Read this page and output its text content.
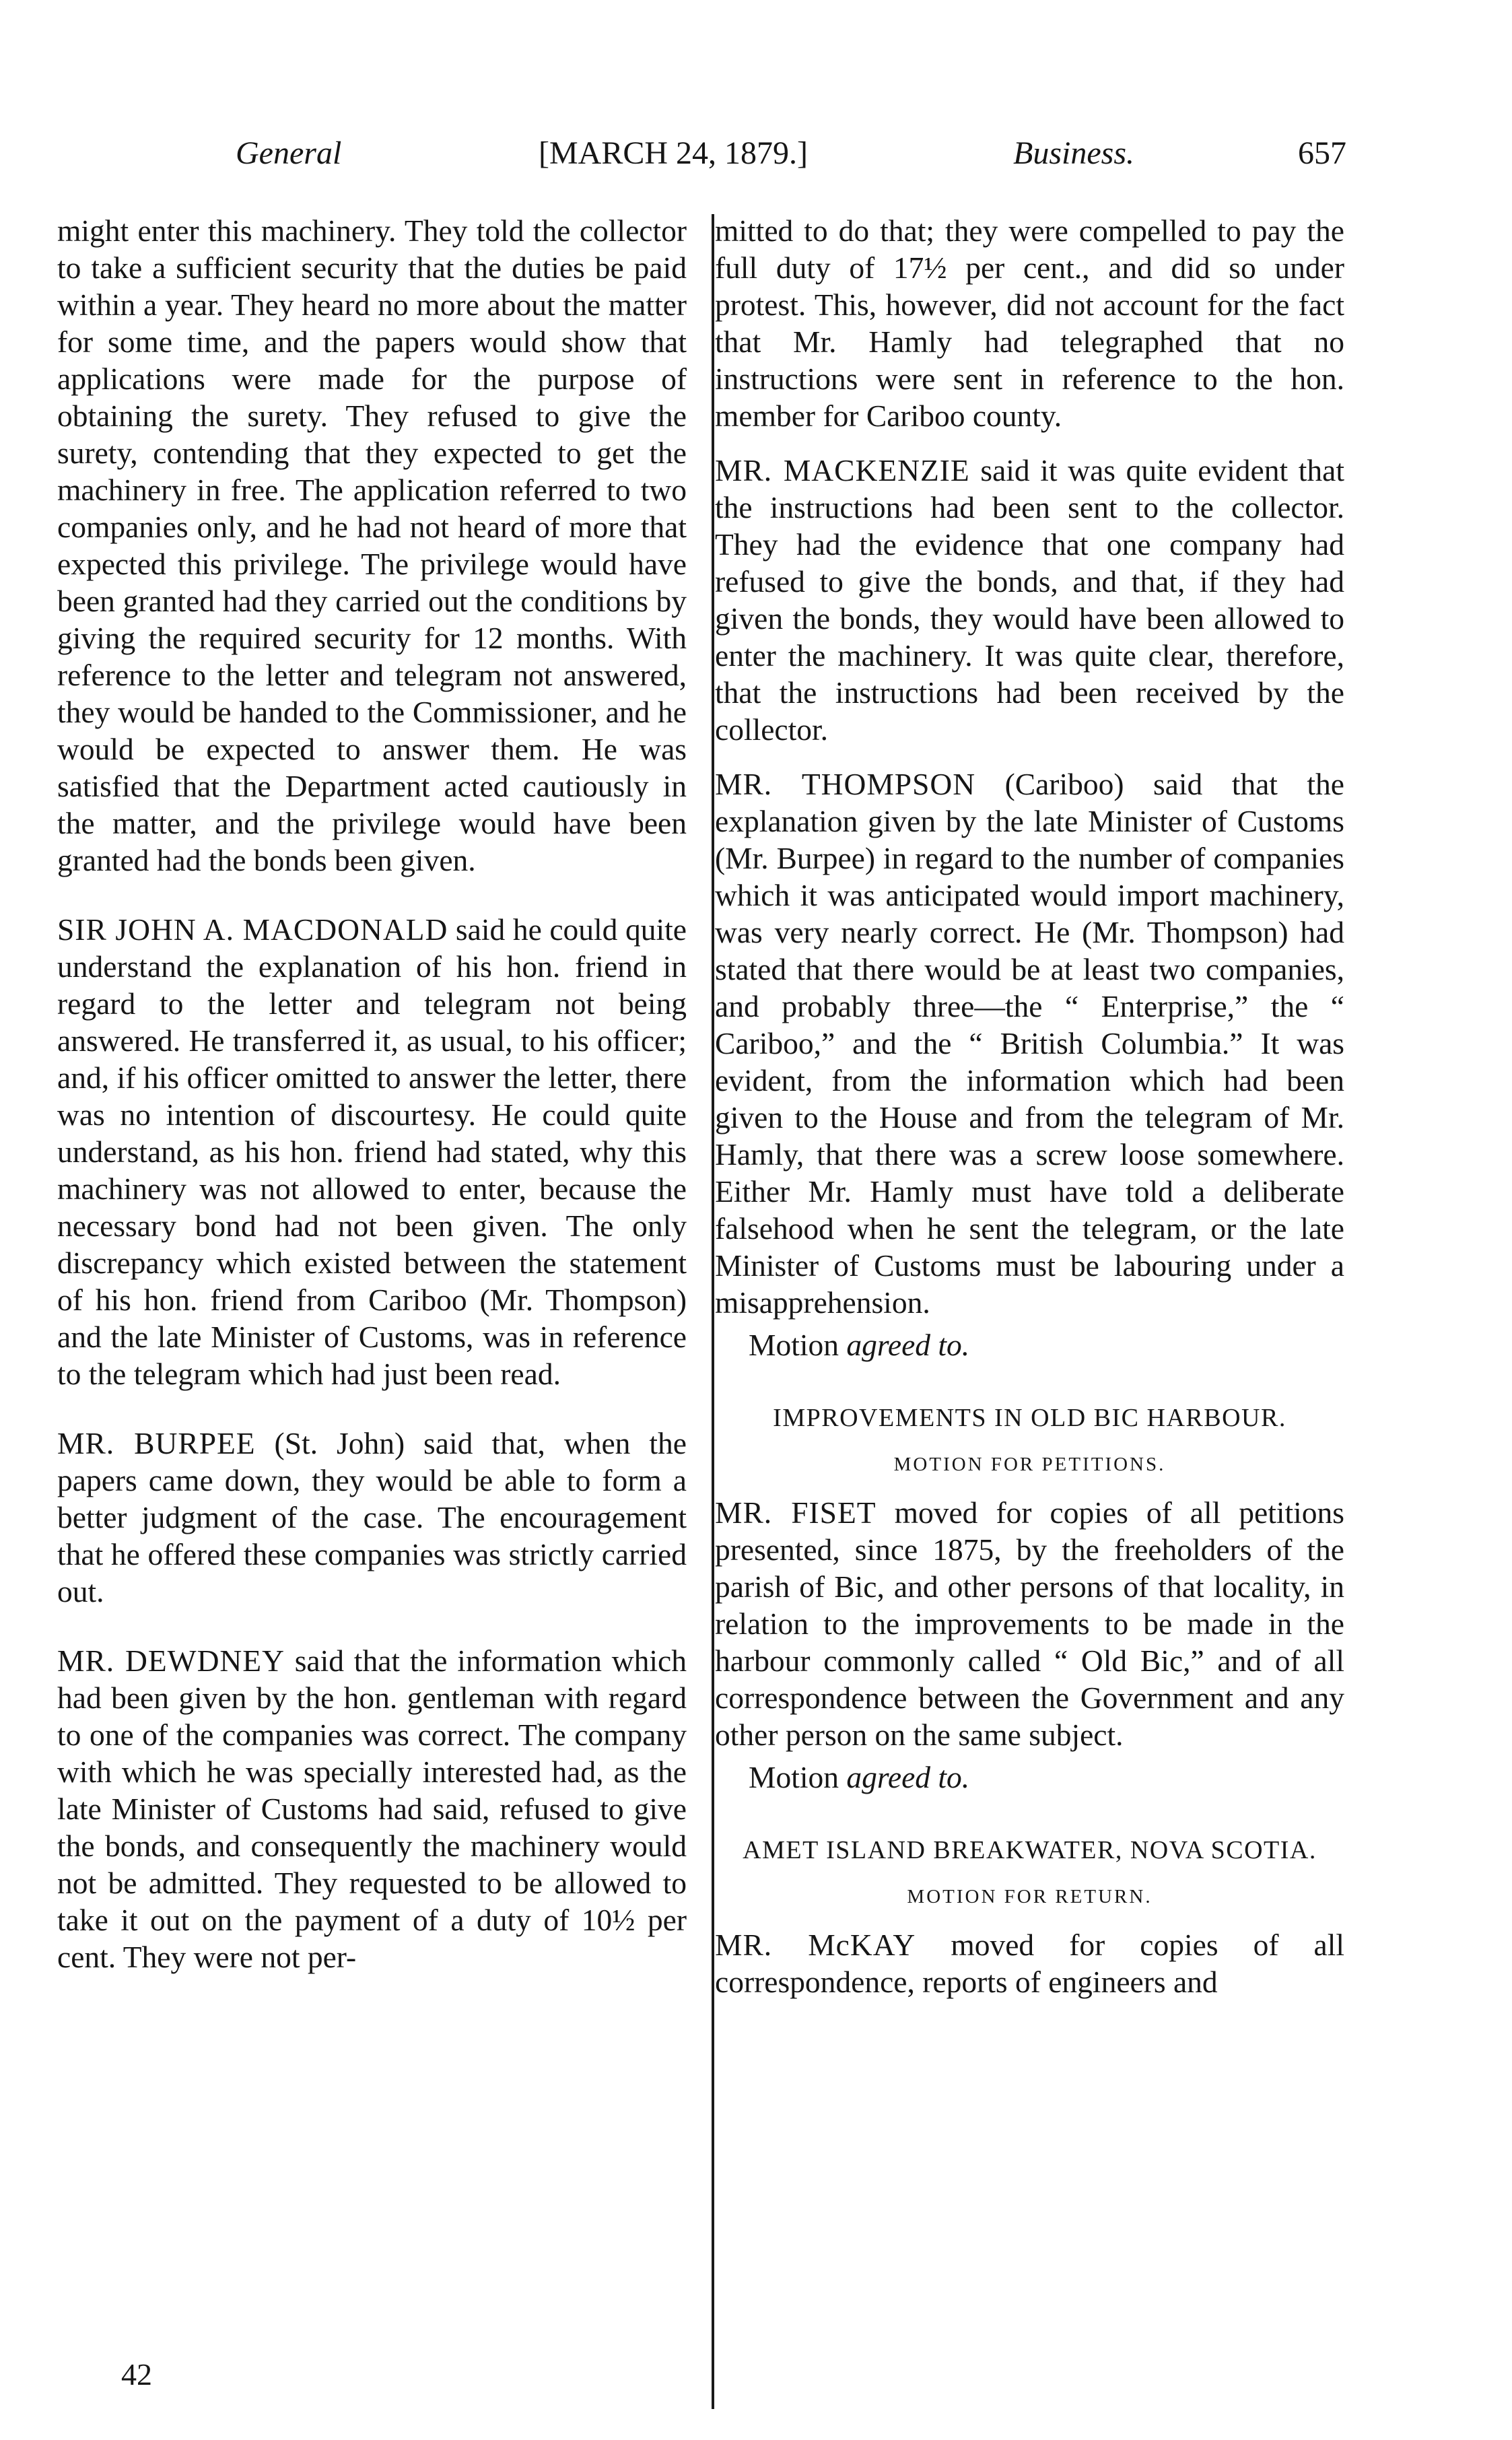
General	[MARCH 24, 1879.]	Business.	657

might enter this machinery. They told the collector to take a sufficient security that the duties be paid within a year. They heard no more about the matter for some time, and the papers would show that applications were made for the purpose of obtaining the surety. They refused to give the surety, contending that they expected to get the machinery in free. The application referred to two companies only, and he had not heard of more that expected this privilege. The privilege would have been granted had they carried out the conditions by giving the required security for 12 months. With reference to the letter and telegram not answered, they would be handed to the Commissioner, and he would be expected to answer them. He was satisfied that the Department acted cautiously in the matter, and the privilege would have been granted had the bonds been given.

SIR JOHN A. MACDONALD said he could quite understand the explanation of his hon. friend in regard to the letter and telegram not being answered. He transferred it, as usual, to his officer; and, if his officer omitted to answer the letter, there was no intention of discourtesy. He could quite understand, as his hon. friend had stated, why this machinery was not allowed to enter, because the necessary bond had not been given. The only discrepancy which existed between the statement of his hon. friend from Cariboo (Mr. Thompson) and the late Minister of Customs, was in reference to the telegram which had just been read.

MR. BURPEE (St. John) said that, when the papers came down, they would be able to form a better judgment of the case. The encouragement that he offered these companies was strictly carried out.

MR. DEWDNEY said that the information which had been given by the hon. gentleman with regard to one of the companies was correct. The company with which he was specially interested had, as the late Minister of Customs had said, refused to give the bonds, and consequently the machinery would not be admitted. They requested to be allowed to take it out on the payment of a duty of 10½ per cent. They were not per-

42

mitted to do that; they were compelled to pay the full duty of 17½ per cent., and did so under protest. This, however, did not account for the fact that Mr. Hamly had telegraphed that no instructions were sent in reference to the hon. member for Cariboo county.

MR. MACKENZIE said it was quite evident that the instructions had been sent to the collector. They had the evidence that one company had refused to give the bonds, and that, if they had given the bonds, they would have been allowed to enter the machinery. It was quite clear, therefore, that the instructions had been received by the collector.

MR. THOMPSON (Cariboo) said that the explanation given by the late Minister of Customs (Mr. Burpee) in regard to the number of companies which it was anticipated would import machinery, was very nearly correct. He (Mr. Thompson) had stated that there would be at least two companies, and probably three—the “ Enterprise,” the “ Cariboo,” and the “ British Columbia.” It was evident, from the information which had been given to the House and from the telegram of Mr. Hamly, that there was a screw loose somewhere. Either Mr. Hamly must have told a deliberate falsehood when he sent the telegram, or the late Minister of Customs must be labouring under a misapprehension.

Motion agreed to.

IMPROVEMENTS IN OLD BIC HARBOUR.
MOTION FOR PETITIONS.

MR. FISET moved for copies of all petitions presented, since 1875, by the freeholders of the parish of Bic, and other persons of that locality, in relation to the improvements to be made in the harbour commonly called “ Old Bic,” and of all correspondence between the Government and any other person on the same subject.

Motion agreed to.

AMET ISLAND BREAKWATER, NOVA SCOTIA.
MOTION FOR RETURN.

MR. McKAY moved for copies of all correspondence, reports of engineers and
